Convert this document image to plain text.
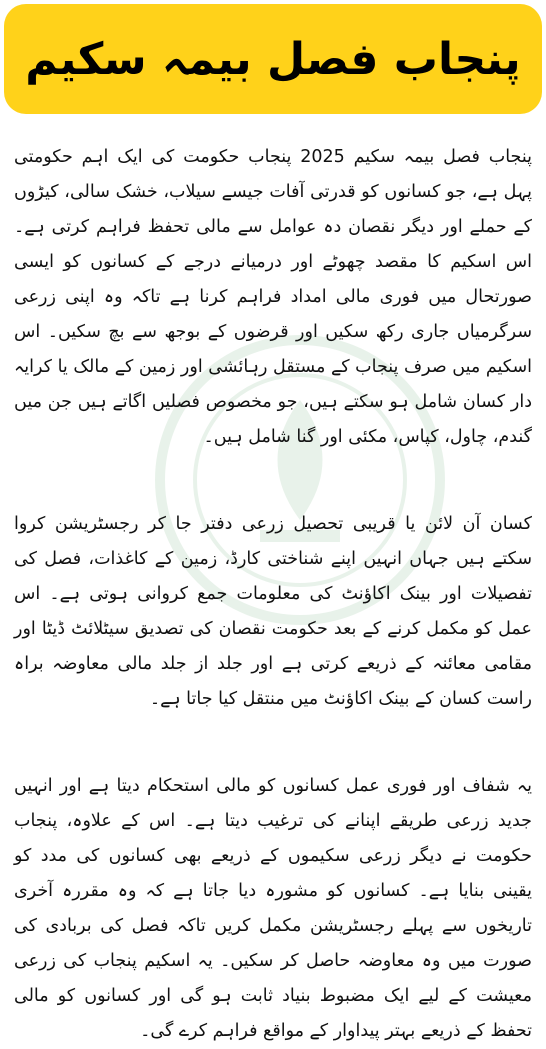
پنجاب فصل بیمہ سکیم

پنجاب فصل بیمہ سکیم 2025 پنجاب حکومت کی ایک اہم حکومتی پہل ہے، جو کسانوں کو قدرتی آفات جیسے سیلاب، خشک سالی، کیڑوں کے حملے اور دیگر نقصان دہ عوامل سے مالی تحفظ فراہم کرتی ہے۔ اس اسکیم کا مقصد چھوٹے اور درمیانے درجے کے کسانوں کو ایسی صورتحال میں فوری مالی امداد فراہم کرنا ہے تاکہ وہ اپنی زرعی سرگرمیاں جاری رکھ سکیں اور قرضوں کے بوجھ سے بچ سکیں۔ اس اسکیم میں صرف پنجاب کے مستقل رہائشی اور زمین کے مالک یا کرایہ دار کسان شامل ہو سکتے ہیں، جو مخصوص فصلیں اگاتے ہیں جن میں گندم، چاول، کپاس، مکئی اور گنا شامل ہیں۔

کسان آن لائن یا قریبی تحصیل زرعی دفتر جا کر رجسٹریشن کروا سکتے ہیں جہاں انہیں اپنے شناختی کارڈ، زمین کے کاغذات، فصل کی تفصیلات اور بینک اکاؤنٹ کی معلومات جمع کروانی ہوتی ہے۔ اس عمل کو مکمل کرنے کے بعد حکومت نقصان کی تصدیق سیٹلائٹ ڈیٹا اور مقامی معائنہ کے ذریعے کرتی ہے اور جلد از جلد مالی معاوضہ براہ راست کسان کے بینک اکاؤنٹ میں منتقل کیا جاتا ہے۔

یہ شفاف اور فوری عمل کسانوں کو مالی استحکام دیتا ہے اور انہیں جدید زرعی طریقے اپنانے کی ترغیب دیتا ہے۔ اس کے علاوہ، پنجاب حکومت نے دیگر زرعی سکیموں کے ذریعے بھی کسانوں کی مدد کو یقینی بنایا ہے۔ کسانوں کو مشورہ دیا جاتا ہے کہ وہ مقررہ آخری تاریخوں سے پہلے رجسٹریشن مکمل کریں تاکہ فصل کی بربادی کی صورت میں وہ معاوضہ حاصل کر سکیں۔ یہ اسکیم پنجاب کی زرعی معیشت کے لیے ایک مضبوط بنیاد ثابت ہو گی اور کسانوں کو مالی تحفظ کے ذریعے بہتر پیداوار کے مواقع فراہم کرے گی۔
